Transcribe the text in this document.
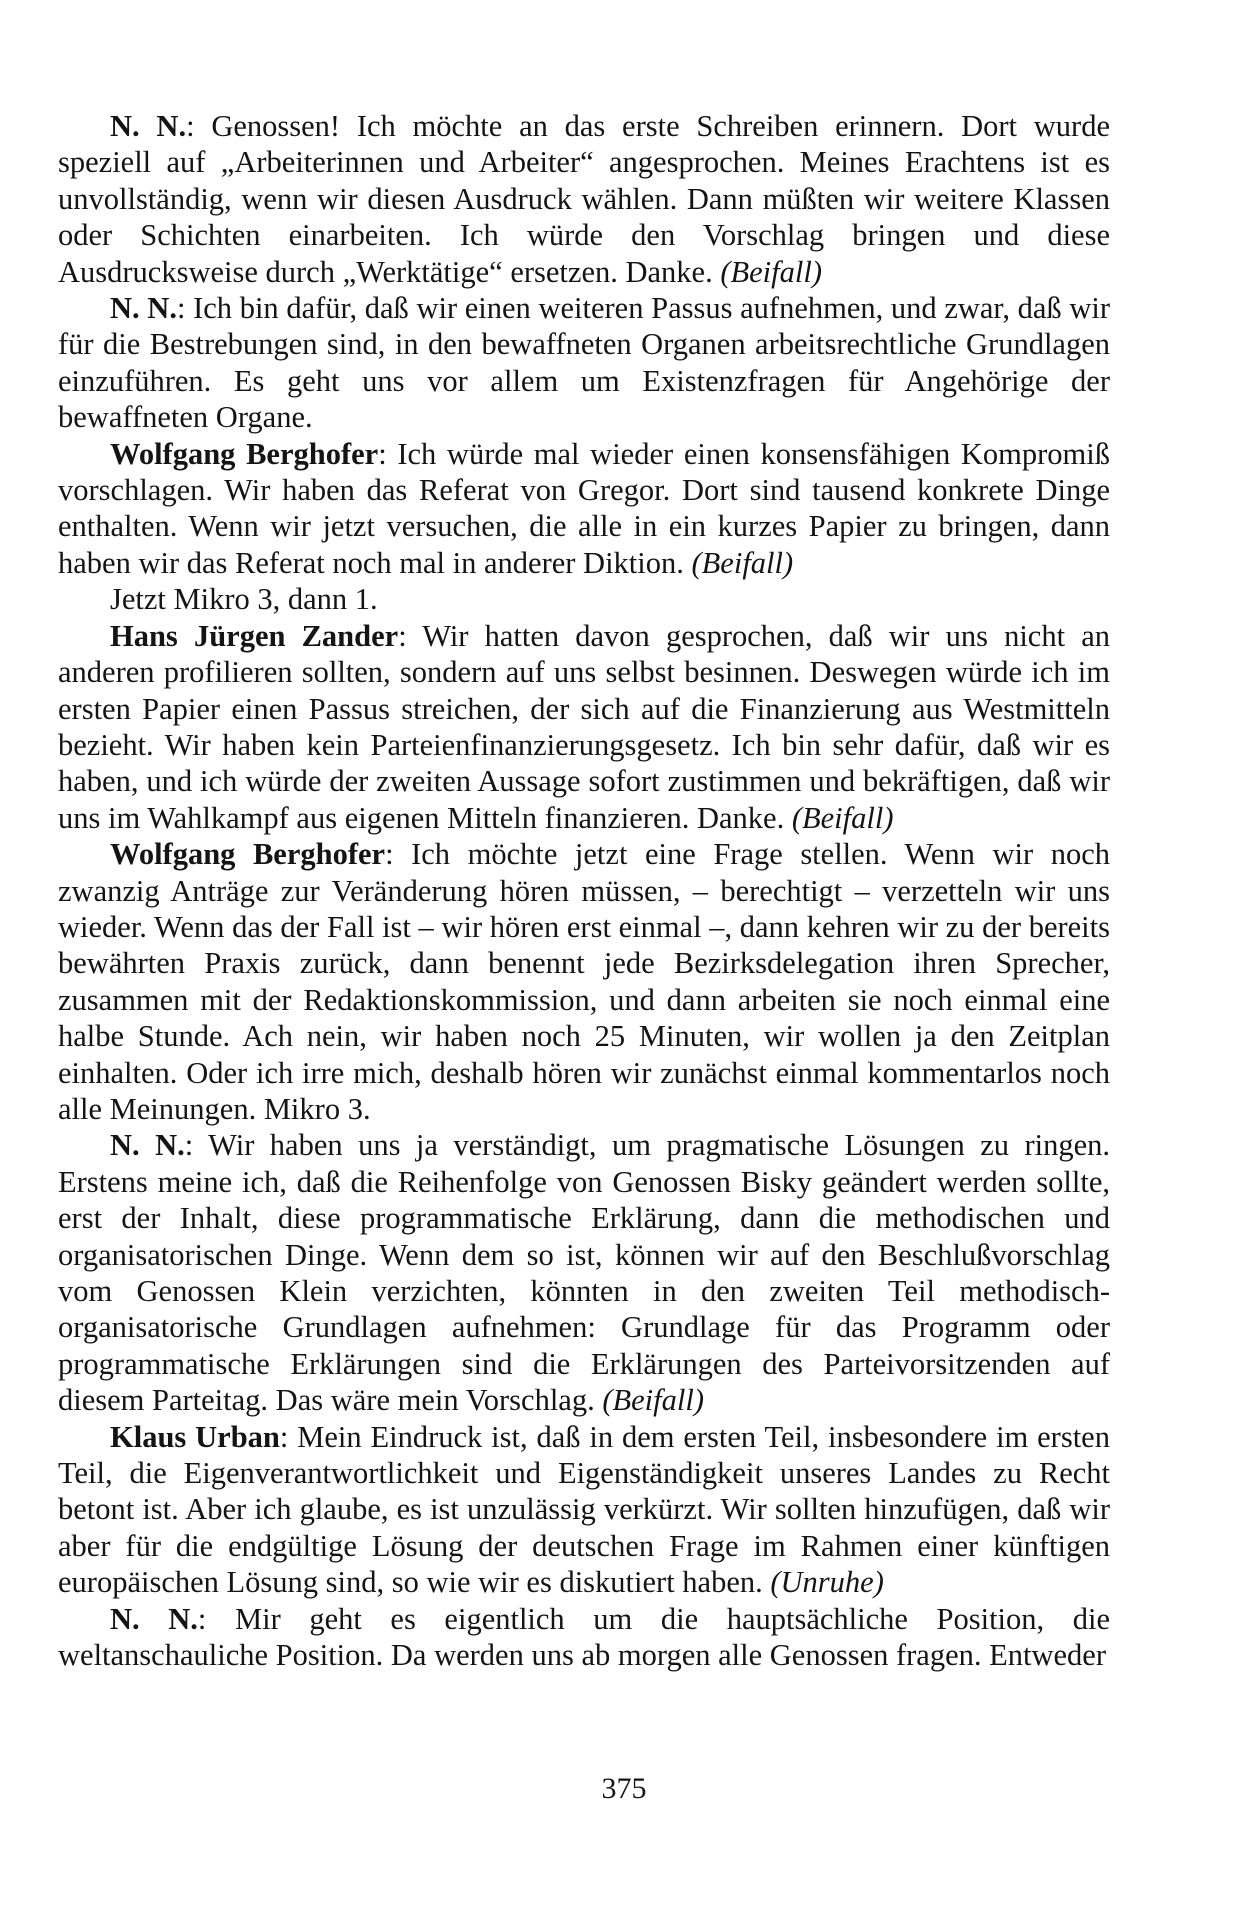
N. N.: Genossen! Ich möchte an das erste Schreiben erinnern. Dort wurde speziell auf „Arbeiterinnen und Arbeiter“ angesprochen. Meines Erachtens ist es unvollständig, wenn wir diesen Ausdruck wählen. Dann müßten wir weitere Klassen oder Schichten einarbeiten. Ich würde den Vorschlag bringen und diese Ausdrucksweise durch „Werktätige“ ersetzen. Danke. (Beifall)

N. N.: Ich bin dafür, daß wir einen weiteren Passus aufnehmen, und zwar, daß wir für die Bestrebungen sind, in den bewaffneten Organen arbeitsrechtliche Grundlagen einzuführen. Es geht uns vor allem um Existenzfragen für Angehörige der bewaffneten Organe.

Wolfgang Berghofer: Ich würde mal wieder einen konsensfähigen Kompromiß vorschlagen. Wir haben das Referat von Gregor. Dort sind tausend konkrete Dinge enthalten. Wenn wir jetzt versuchen, die alle in ein kurzes Papier zu bringen, dann haben wir das Referat noch mal in anderer Diktion. (Beifall)

Jetzt Mikro 3, dann 1.

Hans Jürgen Zander: Wir hatten davon gesprochen, daß wir uns nicht an anderen profilieren sollten, sondern auf uns selbst besinnen. Deswegen würde ich im ersten Papier einen Passus streichen, der sich auf die Finanzierung aus Westmitteln bezieht. Wir haben kein Parteienfinanzierungsgesetz. Ich bin sehr dafür, daß wir es haben, und ich würde der zweiten Aussage sofort zustimmen und bekräftigen, daß wir uns im Wahlkampf aus eigenen Mitteln finanzieren. Danke. (Beifall)

Wolfgang Berghofer: Ich möchte jetzt eine Frage stellen. Wenn wir noch zwanzig Anträge zur Veränderung hören müssen, – berechtigt – verzetteln wir uns wieder. Wenn das der Fall ist – wir hören erst einmal –, dann kehren wir zu der bereits bewährten Praxis zurück, dann benennt jede Bezirksdelegation ihren Sprecher, zusammen mit der Redaktionskommission, und dann arbeiten sie noch einmal eine halbe Stunde. Ach nein, wir haben noch 25 Minuten, wir wollen ja den Zeitplan einhalten. Oder ich irre mich, deshalb hören wir zunächst einmal kommentarlos noch alle Meinungen. Mikro 3.

N. N.: Wir haben uns ja verständigt, um pragmatische Lösungen zu ringen. Erstens meine ich, daß die Reihenfolge von Genossen Bisky geändert werden sollte, erst der Inhalt, diese programmatische Erklärung, dann die methodischen und organisatorischen Dinge. Wenn dem so ist, können wir auf den Beschlußvorschlag vom Genossen Klein verzichten, könnten in den zweiten Teil methodisch-organisatorische Grundlagen aufnehmen: Grundlage für das Programm oder programmatische Erklärungen sind die Erklärungen des Parteivorsitzenden auf diesem Parteitag. Das wäre mein Vorschlag. (Beifall)

Klaus Urban: Mein Eindruck ist, daß in dem ersten Teil, insbesondere im ersten Teil, die Eigenverantwortlichkeit und Eigenständigkeit unseres Landes zu Recht betont ist. Aber ich glaube, es ist unzulässig verkürzt. Wir sollten hinzufügen, daß wir aber für die endgültige Lösung der deutschen Frage im Rahmen einer künftigen europäischen Lösung sind, so wie wir es diskutiert haben. (Unruhe)

N. N.: Mir geht es eigentlich um die hauptsächliche Position, die weltanschauliche Position. Da werden uns ab morgen alle Genossen fragen. Entweder

375
